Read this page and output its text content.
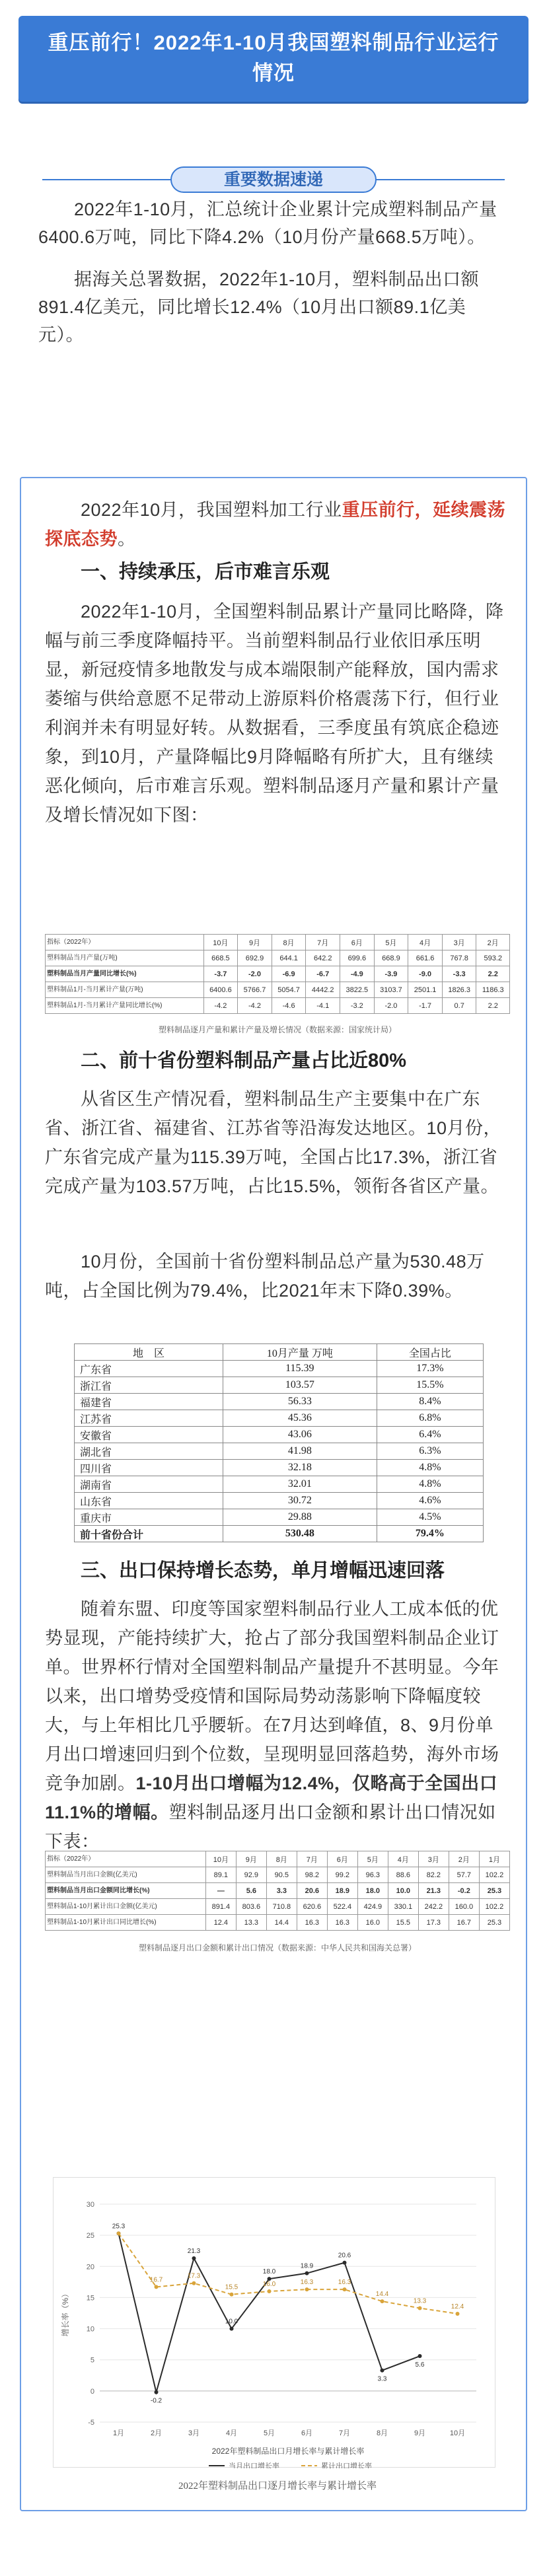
重压前行！2022年1-10月我国塑料制品行业运行情况
重要数据速递

2022年1-10月，汇总统计企业累计完成塑料制品产量6400.6万吨，同比下降4.2%（10月份产量668.5万吨）。

据海关总署数据，2022年1-10月，塑料制品出口额891.4亿美元，同比增长12.4%（10月出口额89.1亿美元）。

2022年10月，我国塑料加工行业重压前行，延续震荡探底态势。

一、持续承压，后市难言乐观

2022年1-10月，全国塑料制品累计产量同比略降，降幅与前三季度降幅持平。当前塑料制品行业依旧承压明显，新冠疫情多地散发与成本端限制产能释放，国内需求萎缩与供给意愿不足带动上游原料价格震荡下行，但行业利润并未有明显好转。从数据看，三季度虽有筑底企稳迹象，到10月，产量降幅比9月降幅略有所扩大，且有继续恶化倾向，后市难言乐观。塑料制品逐月产量和累计产量及增长情况如下图：

指标（2022年）	10月	9月	8月	7月	6月	5月	4月	3月	2月
塑料制品当月产量(万吨)	668.5	692.9	644.1	642.2	699.6	668.9	661.6	767.8	593.2
塑料制品当月产量同比增长(%)	-3.7	-2.0	-6.9	-6.7	-4.9	-3.9	-9.0	-3.3	2.2
塑料制品1月-当月累计产量(万吨)	6400.6	5766.7	5054.7	4442.2	3822.5	3103.7	2501.1	1826.3	1186.3
塑料制品1月-当月累计产量同比增长(%)	-4.2	-4.2	-4.6	-4.1	-3.2	-2.0	-1.7	0.7	2.2
塑料制品逐月产量和累计产量及增长情况（数据来源：国家统计局）
二、前十省份塑料制品产量占比近80%

从省区生产情况看，塑料制品生产主要集中在广东省、浙江省、福建省、江苏省等沿海发达地区。10月份，广东省完成产量为115.39万吨，全国占比17.3%，浙江省完成产量为103.57万吨，占比15.5%，领衔各省区产量。

10月份，全国前十省份塑料制品总产量为530.48万吨，占全国比例为79.4%，比2021年末下降0.39%。

地　区	10月产量 万吨	全国占比
广东省	115.39	17.3%
浙江省	103.57	15.5%
福建省	56.33	8.4%
江苏省	45.36	6.8%
安徽省	43.06	6.4%
湖北省	41.98	6.3%
四川省	32.18	4.8%
湖南省	32.01	4.8%
山东省	30.72	4.6%
重庆市	29.88	4.5%
前十省份合计	530.48	79.4%
三、出口保持增长态势，单月增幅迅速回落

随着东盟、印度等国家塑料制品行业人工成本低的优势显现，产能持续扩大，抢占了部分我国塑料制品企业订单。世界杯行情对全国塑料制品产量提升不甚明显。今年以来，出口增势受疫情和国际局势动荡影响下降幅度较大，与上年相比几乎腰斩。在7月达到峰值，8、9月份单月出口增速回归到个位数，呈现明显回落趋势，海外市场竞争加剧。1-10月出口增幅为12.4%，仅略高于全国出口11.1%的增幅。塑料制品逐月出口金额和累计出口情况如下表：

指标（2022年）	10月	9月	8月	7月	6月	5月	4月	3月	2月	1月
塑料制品当月出口金额(亿美元)	89.1	92.9	90.5	98.2	99.2	96.3	88.6	82.2	57.7	102.2
塑料制品当月出口金额同比增长(%)	—	5.6	3.3	20.6	18.9	18.0	10.0	21.3	-0.2	25.3
塑料制品1-10月累计出口金额(亿美元)	891.4	803.6	710.8	620.6	522.4	424.9	330.1	242.2	160.0	102.2
塑料制品1-10月累计出口同比增长(%)	12.4	13.3	14.4	16.3	16.3	16.0	15.5	17.3	16.7	25.3
塑料制品逐月出口金额和累计出口情况（数据来源：中华人民共和国海关总署）
2022年塑料制品出口逐月增长率与累计增长率
-5
0
5
10
15
20
25
30
1月	2月	3月	4月	5月	6月	7月	8月	9月	10月
增长率（%）
2022年塑料制品出口月增长率与累计增长率
25.3
-0.2
21.3
10.0
18.0
18.9
20.6
3.3
5.6
16.7
17.3
15.5	16.0	16.3	16.3
14.4
13.3
12.4
当月出口增长率	累计出口增长率
